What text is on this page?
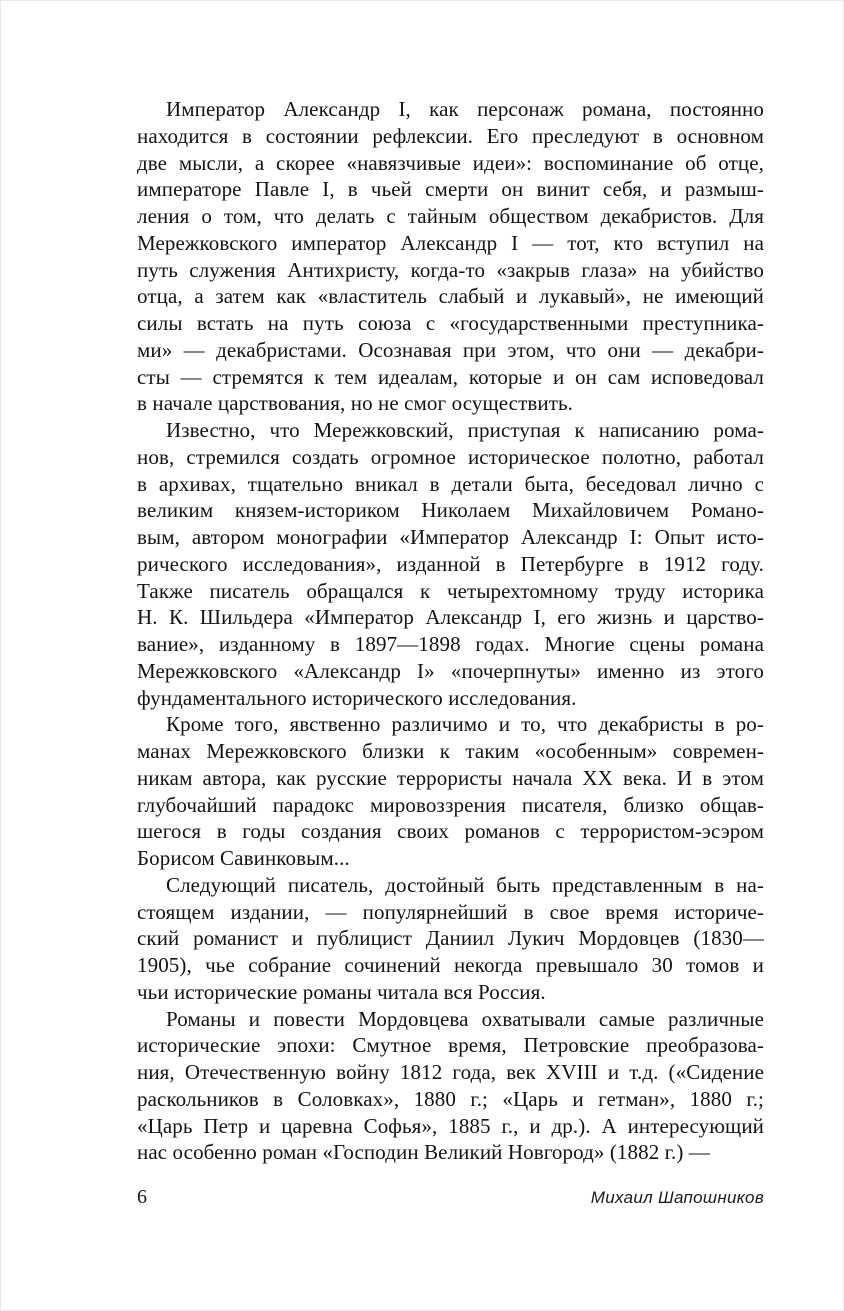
Император Александр I, как персонаж романа, постоянно
находится в состоянии рефлексии. Его преследуют в основном
две мысли, а скорее «навязчивые идеи»: воспоминание об отце,
императоре Павле I, в чьей смерти он винит себя, и размыш-
ления о том, что делать с тайным обществом декабристов. Для
Мережковского император Александр I — тот, кто вступил на
путь служения Антихристу, когда-то «закрыв глаза» на убийство
отца, а затем как «властитель слабый и лукавый», не имеющий
силы встать на путь союза с «государственными преступника-
ми» — декабристами. Осознавая при этом, что они — декабри-
сты — стремятся к тем идеалам, которые и он сам исповедовал
в начале царствования, но не смог осуществить.
Известно, что Мережковский, приступая к написанию рома-
нов, стремился создать огромное историческое полотно, работал
в архивах, тщательно вникал в детали быта, беседовал лично с
великим князем-историком Николаем Михайловичем Романо-
вым, автором монографии «Император Александр I: Опыт исто-
рического исследования», изданной в Петербурге в 1912 году.
Также писатель обращался к четырехтомному труду историка
Н. К. Шильдера «Император Александр I, его жизнь и царство-
вание», изданному в 1897—1898 годах. Многие сцены романа
Мережковского «Александр I» «почерпнуты» именно из этого
фундаментального исторического исследования.
Кроме того, явственно различимо и то, что декабристы в ро-
манах Мережковского близки к таким «особенным» современ-
никам автора, как русские террористы начала XX века. И в этом
глубочайший парадокс мировоззрения писателя, близко общав-
шегося в годы создания своих романов с террористом-эсэром
Борисом Савинковым...
Следующий писатель, достойный быть представленным в на-
стоящем издании, — популярнейший в свое время историче-
ский романист и публицист Даниил Лукич Мордовцев (1830—
1905), чье собрание сочинений некогда превышало 30 томов и
чьи исторические романы читала вся Россия.
Романы и повести Мордовцева охватывали самые различные
исторические эпохи: Смутное время, Петровские преобразова-
ния, Отечественную войну 1812 года, век XVIII и т.д. («Сидение
раскольников в Соловках», 1880 г.; «Царь и гетман», 1880 г.;
«Царь Петр и царевна Софья», 1885 г., и др.). А интересующий
нас особенно роман «Господин Великий Новгород» (1882 г.) —
6	Михаил Шапошников
